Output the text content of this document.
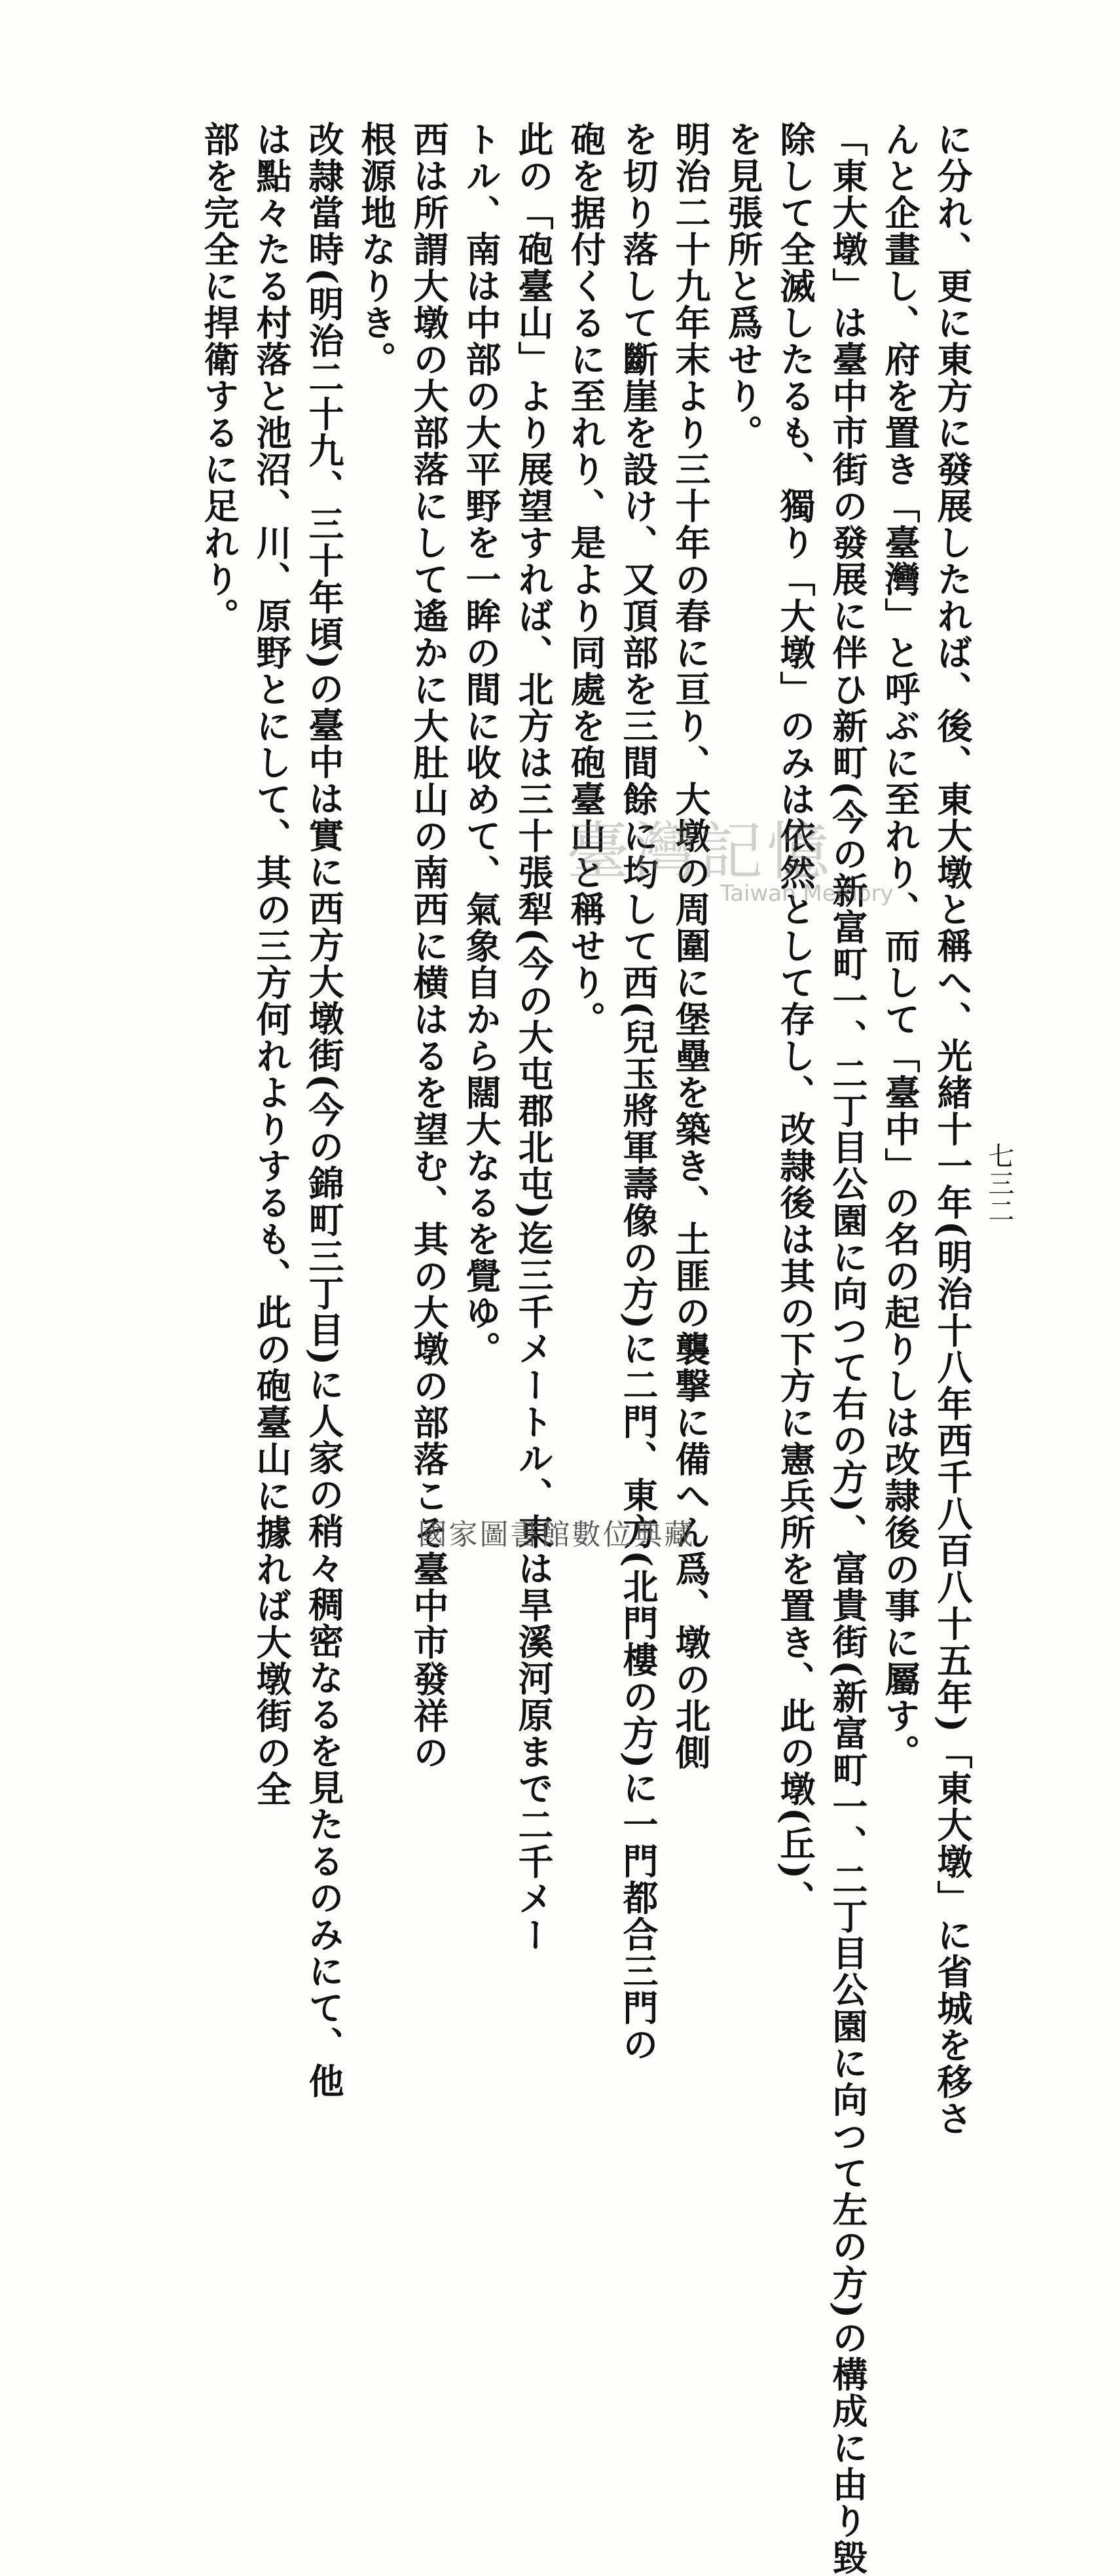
七三二
に分れ、更に東方に發展したれば、後、東大墩と稱へ、光緒十一年(明治十八年西千八百八十五年)「東大墩」に省城を移さ
んと企畫し、府を置き「臺灣」と呼ぶに至れり、而して「臺中」の名の起りしは改隷後の事に屬す。
「東大墩」は臺中市街の發展に伴ひ新町(今の新富町一、二丁目公園に向つて右の方)、富貴街(新富町一、二丁目公園に向つて左の方)の構成に由り毀
除して全滅したるも、獨り「大墩」のみは依然として存し、改隷後は其の下方に憲兵所を置き、此の墩(丘)、
を見張所と爲せり。
明治二十九年末より三十年の春に亘り、大墩の周圍に堡壘を築き、土匪の襲撃に備へん爲、墩の北側
を切り落して斷崖を設け、又頂部を三間餘に均して西(兒玉將軍壽像の方)に二門、東方(北門樓の方)に一門都合三門の
砲を据付くるに至れり、是より同處を砲臺山と稱せり。
此の「砲臺山」より展望すれば、北方は三十張犁(今の大屯郡北屯)迄三千メートル、東は旱溪河原まで二千メー
トル、南は中部の大平野を一眸の間に收めて、氣象自から闊大なるを覺ゆ。
西は所謂大墩の大部落にして遙かに大肚山の南西に横はるを望む、其の大墩の部落こそ臺中市發祥の
根源地なりき。
改隷當時(明治二十九、三十年頃)の臺中は實に西方大墩街(今の錦町三丁目)に人家の稍々稠密なるを見たるのみにて、他
は點々たる村落と池沼、川、原野とにして、其の三方何れよりするも、此の砲臺山に據れば大墩街の全
部を完全に捍衛するに足れり。
臺灣記憶
Taiwan Memory
國家圖書館數位典藏
